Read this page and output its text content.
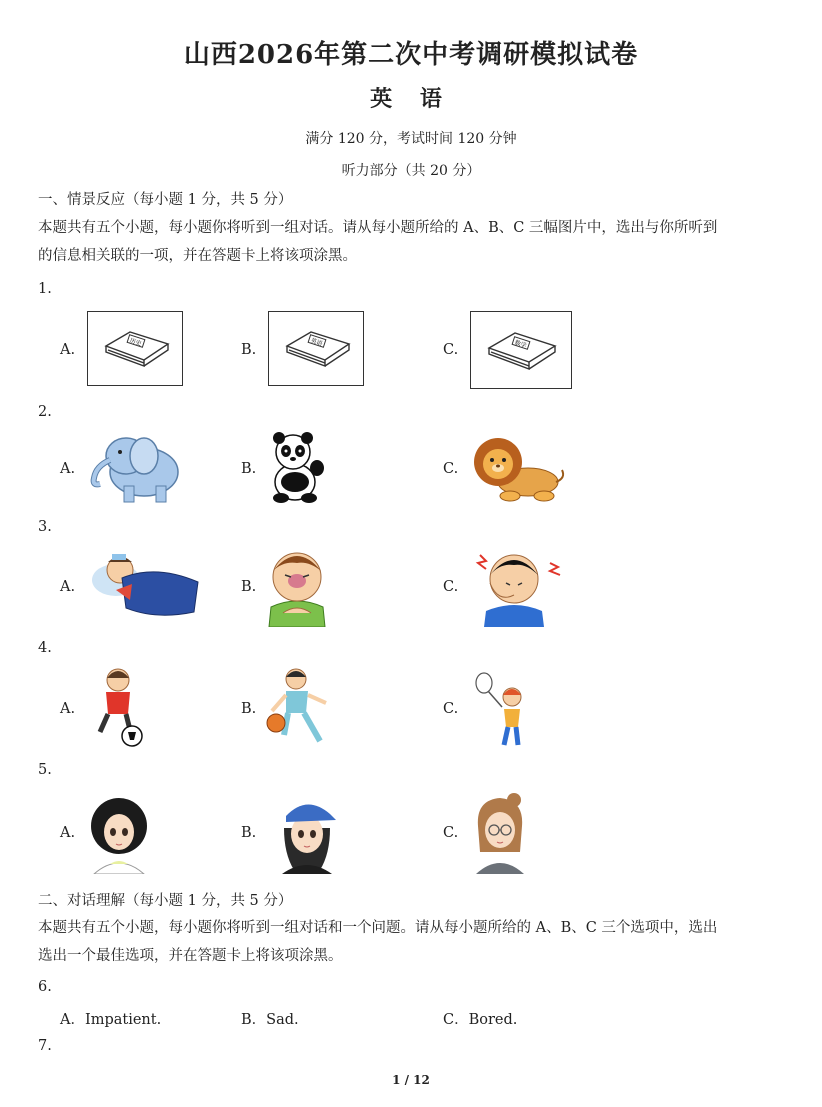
山西2026年第二次中考调研模拟试卷
英 语
满分 120 分，考试时间 120 分钟
听力部分（共 20 分）
一、情景反应（每小题 1 分，共 5 分）
本题共有五个小题，每小题你将听到一组对话。请从每小题所给的 A、B、C 三幅图片中，选出与你所听到
的信息相关联的一项，并在答题卡上将该项涂黑。
1.
A.	B.	C.
历史	英语	数学
2.
A.	B.	C.
3.
A.	B.	C.
4.
A.	B.	C.
5.
A.	B.	C.
二、对话理解（每小题 1 分，共 5 分）
本题共有五个小题，每小题你将听到一组对话和一个问题。请从每小题所给的 A、B、C 三个选项中，选出
选出一个最佳选项，并在答题卡上将该项涂黑。
6.
A．Impatient.	B．Sad.	C．Bored.
7.
1 / 12
